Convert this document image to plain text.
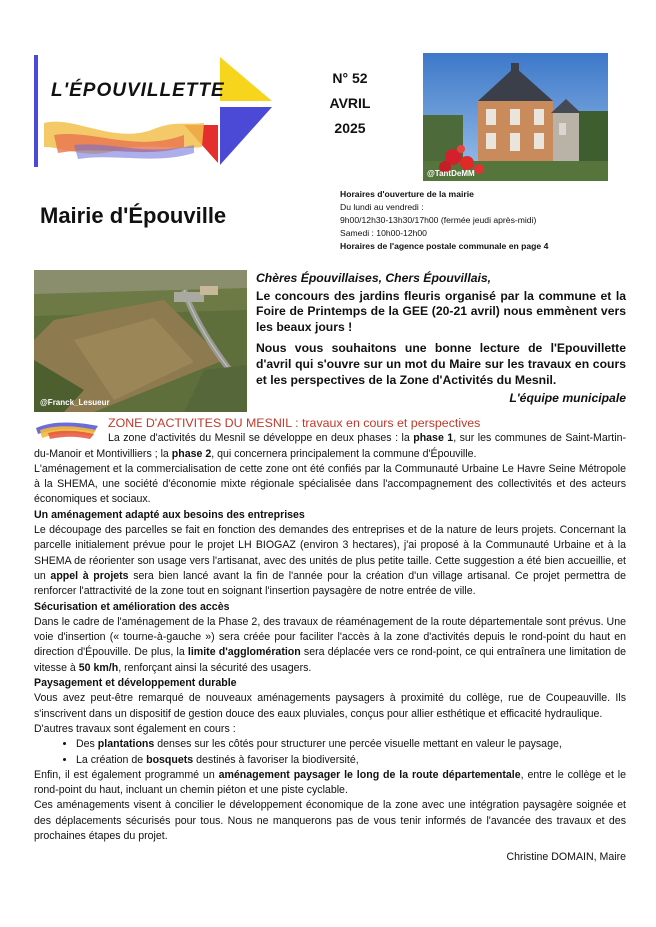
L'ÉPOUVILLETTE
Mairie d'Épouville
N° 52
AVRIL
2025
@TantDeMM
Horaires d'ouverture de la mairie
Du lundi au vendredi :
9h00/12h30-13h30/17h00 (fermée jeudi après-midi)
Samedi : 10h00-12h00
Horaires de l'agence postale communale en page 4
@Franck_Lesueur

Chères Épouvillaises, Chers Épouvillais,

Le concours des jardins fleuris organisé par la commune et la Foire de Printemps de la GEE (20-21 avril) nous emmènent vers les beaux jours !

Nous vous souhaitons une bonne lecture de l'Epouvillette d'avril qui s'ouvre sur un mot du Maire sur les travaux en cours et les perspectives de la Zone d'Activités du Mesnil.

L'équipe municipale

ZONE D'ACTIVITES DU MESNIL : travaux en cours et perspectives

La zone d'activités du Mesnil se développe en deux phases : la phase 1, sur les communes de Saint-Martin-du-Manoir et Montivilliers ; la phase 2, qui concernera principalement la commune d'Épouville.

L'aménagement et la commercialisation de cette zone ont été confiés par la Communauté Urbaine Le Havre Seine Métropole à la SHEMA, une société d'économie mixte régionale spécialisée dans l'accompagnement des collectivités et des acteurs économiques et sociaux.

Un aménagement adapté aux besoins des entreprises

Le découpage des parcelles se fait en fonction des demandes des entreprises et de la nature de leurs projets. Concernant la parcelle initialement prévue pour le projet LH BIOGAZ (environ 3 hectares), j'ai proposé à la Communauté Urbaine et à la SHEMA de réorienter son usage vers l'artisanat, avec des unités de plus petite taille. Cette suggestion a été bien accueillie, et un appel à projets sera bien lancé avant la fin de l'année pour la création d'un village artisanal. Ce projet permettra de renforcer l'attractivité de la zone tout en soignant l'insertion paysagère de notre entrée de ville.

Sécurisation et amélioration des accès

Dans le cadre de l'aménagement de la Phase 2, des travaux de réaménagement de la route départementale sont prévus. Une voie d'insertion (« tourne-à-gauche ») sera créée pour faciliter l'accès à la zone d'activités depuis le rond-point du haut en direction d'Épouville. De plus, la limite d'agglomération sera déplacée vers ce rond-point, ce qui entraînera une limitation de vitesse à 50 km/h, renforçant ainsi la sécurité des usagers.

Paysagement et développement durable

Vous avez peut-être remarqué de nouveaux aménagements paysagers à proximité du collège, rue de Coupeauville. Ils s'inscrivent dans un dispositif de gestion douce des eaux pluviales, conçus pour allier esthétique et efficacité hydraulique.

D'autres travaux sont également en cours :

• Des plantations denses sur les côtés pour structurer une percée visuelle mettant en valeur le paysage,
• La création de bosquets destinés à favoriser la biodiversité,

Enfin, il est également programmé un aménagement paysager le long de la route départementale, entre le collège et le rond-point du haut, incluant un chemin piéton et une piste cyclable.

Ces aménagements visent à concilier le développement économique de la zone avec une intégration paysagère soignée et des déplacements sécurisés pour tous. Nous ne manquerons pas de vous tenir informés de l'avancée des travaux et des prochaines étapes du projet.

Christine DOMAIN, Maire
